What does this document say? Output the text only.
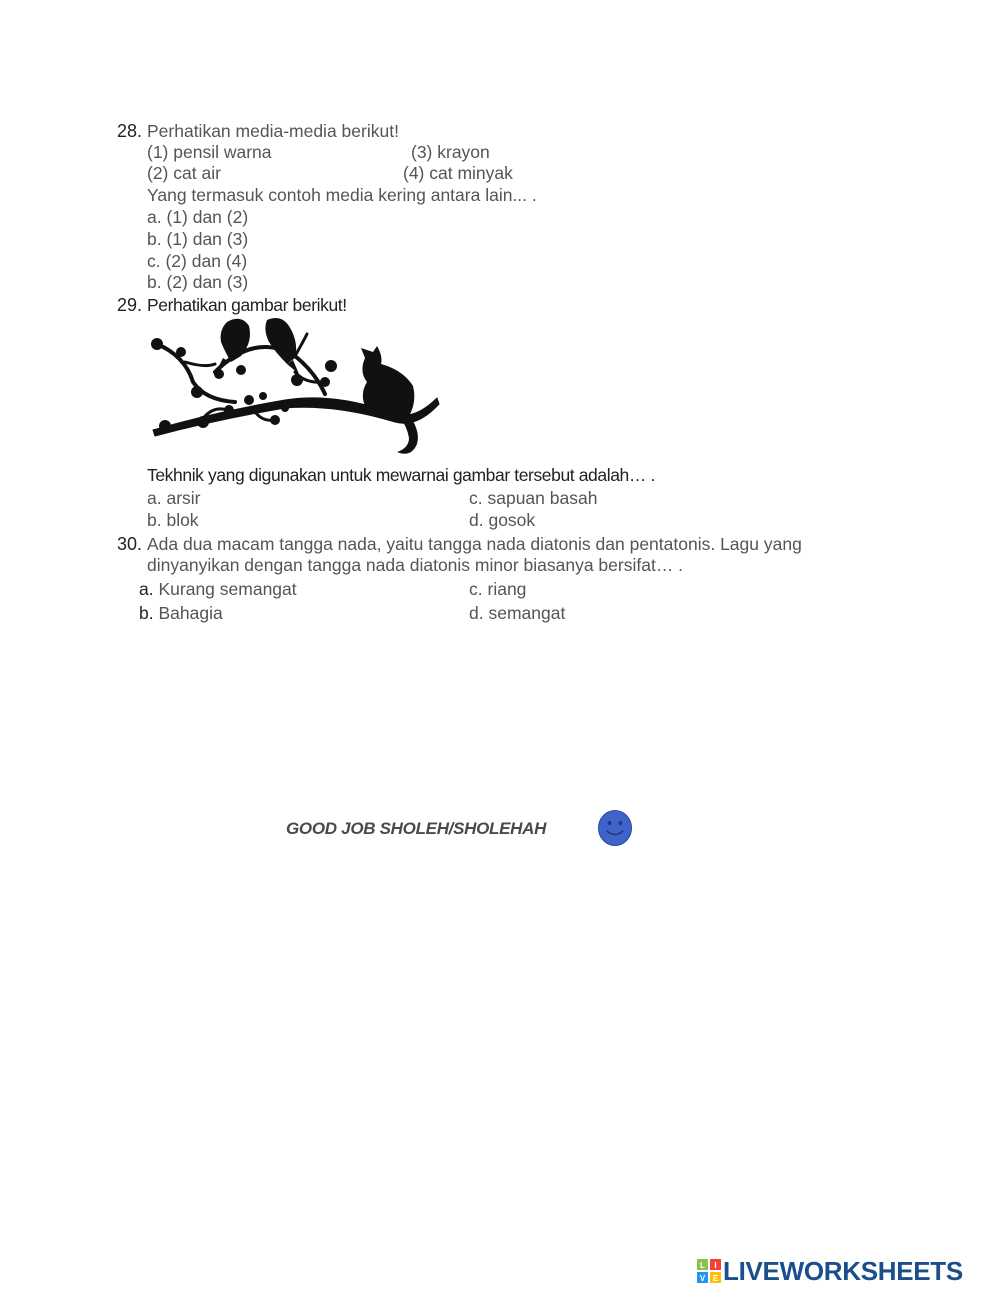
28. Perhatikan media-media berikut!
(1) pensil warna	(3) krayon
(2) cat air	(4) cat minyak
Yang termasuk contoh media kering antara lain... .
a. (1) dan (2)
b. (1) dan (3)
c. (2) dan (4)
b. (2) dan (3)
29. Perhatikan gambar berikut!
Tekhnik yang digunakan untuk mewarnai gambar tersebut adalah… .
a. arsir	c. sapuan basah
b. blok	d. gosok
30. Ada dua macam tangga nada, yaitu tangga nada diatonis dan pentatonis. Lagu yang
dinyanyikan dengan tangga nada diatonis minor biasanya bersifat… .
a. Kurang semangat	c. riang
b. Bahagia	d. semangat
GOOD JOB SHOLEH/SHOLEHAH
L I
V E LIVEWORKSHEETS
